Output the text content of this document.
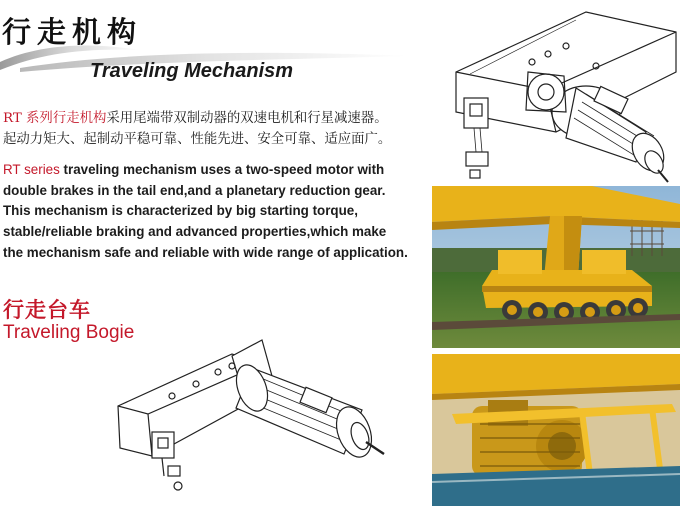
行走机构
Traveling Mechanism
RT 系列行走机构采用尾端带双制动器的双速电机和行星减速器。
起动力矩大、起制动平稳可靠、性能先进、安全可靠、适应面广。
RT series traveling mechanism uses a two-speed motor with
double brakes in the tail end,and a planetary reduction gear.
This mechanism is characterized by big starting torque,
stable/reliable braking and advanced properties,which make
the mechanism safe and reliable with wide range of application.
行走台车
Traveling Bogie
